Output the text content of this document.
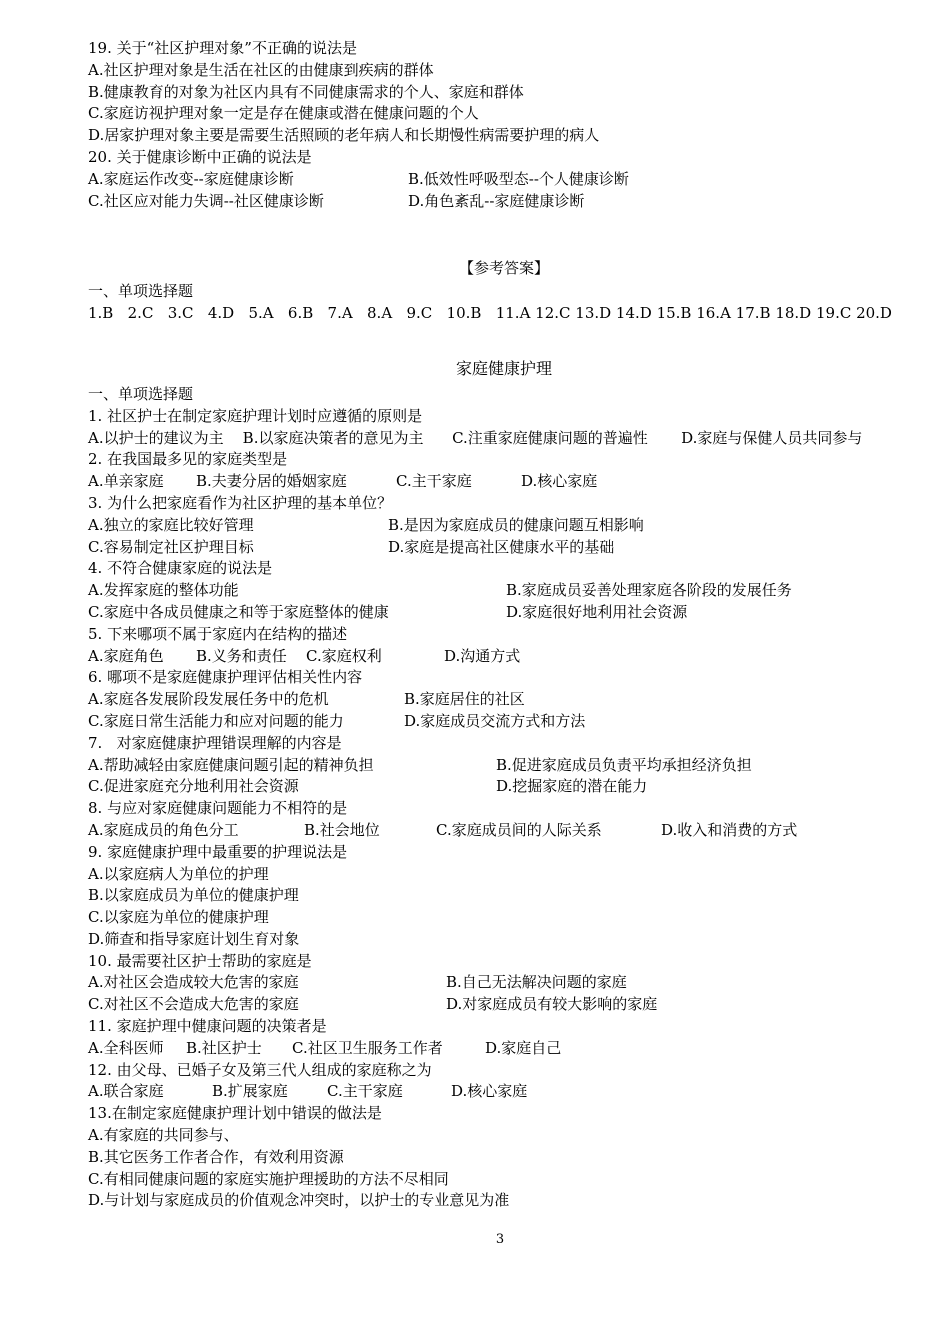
19. 关于“社区护理对象”不正确的说法是
A.社区护理对象是生活在社区的由健康到疾病的群体
B.健康教育的对象为社区内具有不同健康需求的个人、家庭和群体
C.家庭访视护理对象一定是存在健康或潜在健康问题的个人
D.居家护理对象主要是需要生活照顾的老年病人和长期慢性病需要护理的病人
20. 关于健康诊断中正确的说法是
A.家庭运作改变--家庭健康诊断	B.低效性呼吸型态--个人健康诊断
C.社区应对能力失调--社区健康诊断	D.角色紊乱--家庭健康诊断
【参考答案】
一、单项选择题
1.B   2.C   3.C   4.D   5.A   6.B   7.A   8.A   9.C   10.B   11.A 12.C 13.D 14.D 15.B 16.A 17.B 18.D 19.C 20.D
家庭健康护理
一、单项选择题
1. 社区护士在制定家庭护理计划时应遵循的原则是
A.以护士的建议为主    B.以家庭决策者的意见为主      C.注重家庭健康问题的普遍性       D.家庭与保健人员共同参与
2. 在我国最多见的家庭类型是
A.单亲家庭	B.夫妻分居的婚姻家庭	C.主干家庭	D.核心家庭
3. 为什么把家庭看作为社区护理的基本单位？
A.独立的家庭比较好管理	B.是因为家庭成员的健康问题互相影响
C.容易制定社区护理目标	D.家庭是提高社区健康水平的基础
4. 不符合健康家庭的说法是
A.发挥家庭的整体功能	B.家庭成员妥善处理家庭各阶段的发展任务
C.家庭中各成员健康之和等于家庭整体的健康	D.家庭很好地利用社会资源
5. 下来哪项不属于家庭内在结构的描述
A.家庭角色	B.义务和责任	C.家庭权利	D.沟通方式
6. 哪项不是家庭健康护理评估相关性内容
A.家庭各发展阶段发展任务中的危机	B.家庭居住的社区
C.家庭日常生活能力和应对问题的能力	D.家庭成员交流方式和方法
7.   对家庭健康护理错误理解的内容是
A.帮助减轻由家庭健康问题引起的精神负担	B.促进家庭成员负责平均承担经济负担
C.促进家庭充分地利用社会资源	D.挖掘家庭的潜在能力
8. 与应对家庭健康问题能力不相符的是
A.家庭成员的角色分工	B.社会地位	C.家庭成员间的人际关系	D.收入和消费的方式
9. 家庭健康护理中最重要的护理说法是
A.以家庭病人为单位的护理
B.以家庭成员为单位的健康护理
C.以家庭为单位的健康护理
D.筛查和指导家庭计划生育对象
10. 最需要社区护士帮助的家庭是
A.对社区会造成较大危害的家庭	B.自己无法解决问题的家庭
C.对社区不会造成大危害的家庭	D.对家庭成员有较大影响的家庭
11. 家庭护理中健康问题的决策者是
A.全科医师	B.社区护士	C.社区卫生服务工作者	D.家庭自己
12. 由父母、已婚子女及第三代人组成的家庭称之为
A.联合家庭	B.扩展家庭	C.主干家庭	D.核心家庭
13.在制定家庭健康护理计划中错误的做法是
A.有家庭的共同参与、
B.其它医务工作者合作，有效利用资源
C.有相同健康问题的家庭实施护理援助的方法不尽相同
D.与计划与家庭成员的价值观念冲突时，以护士的专业意见为准
3
